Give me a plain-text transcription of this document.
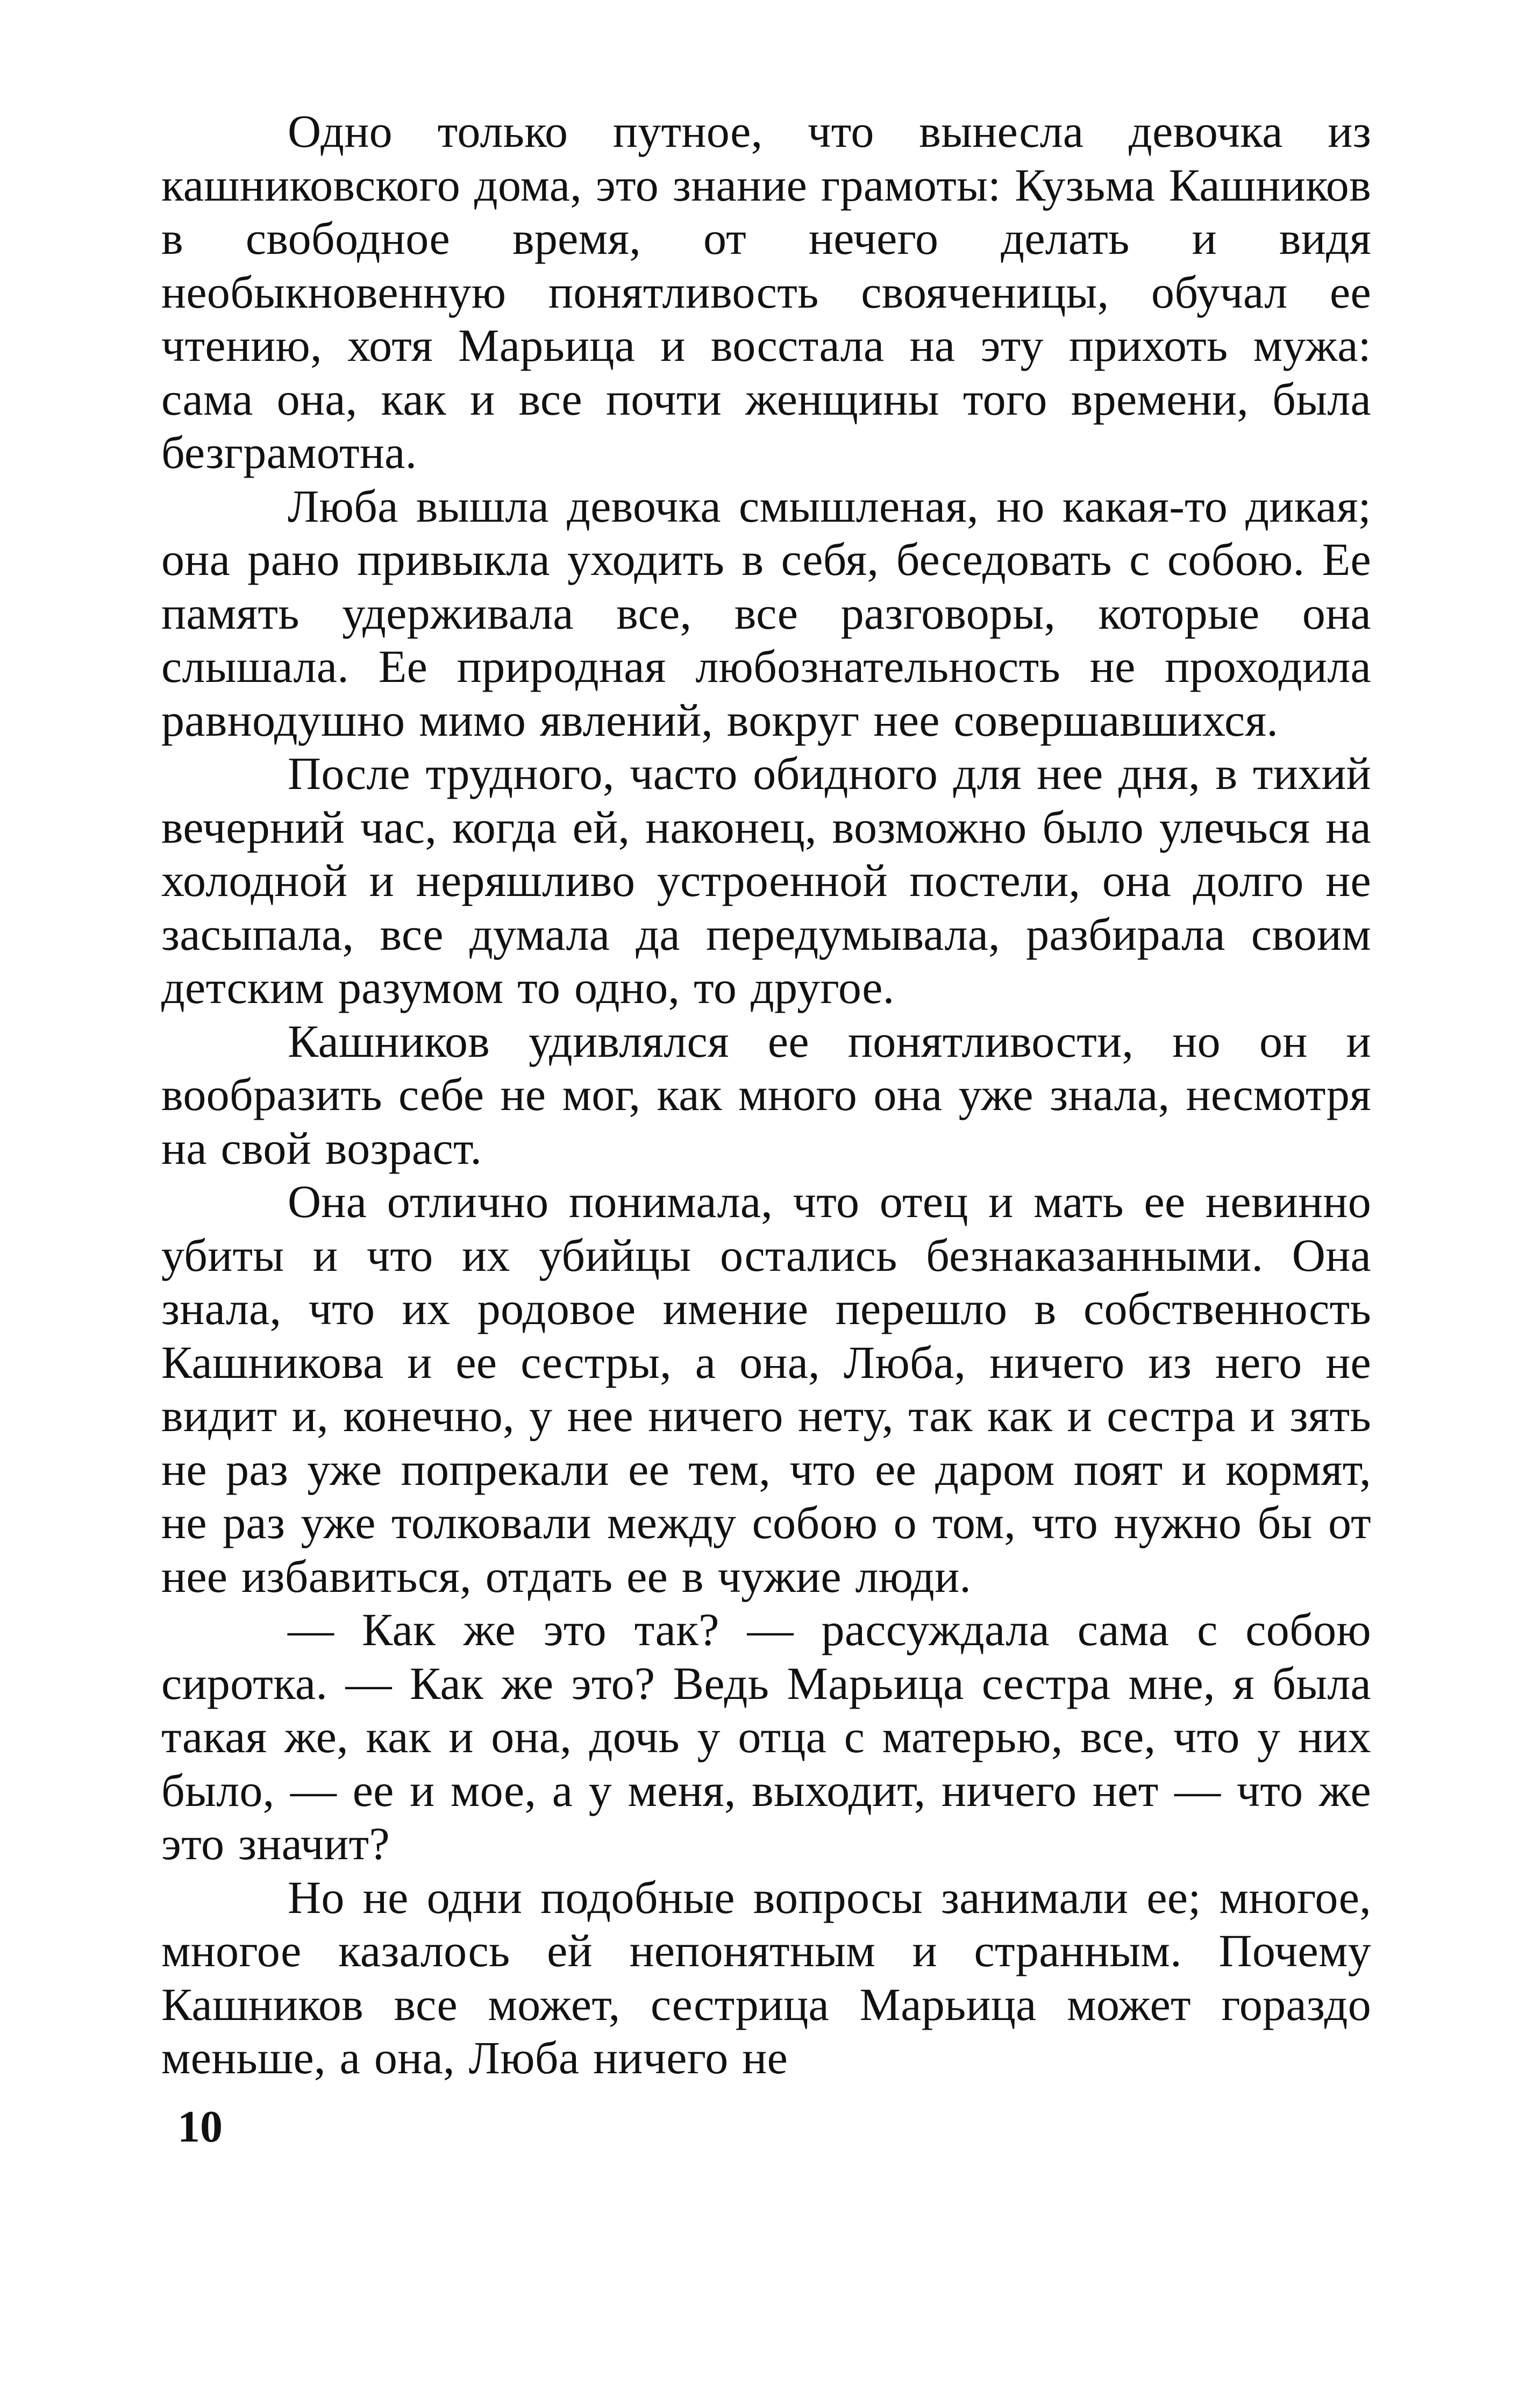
Одно только путное, что вынесла девочка из кашниковского дома, это знание грамоты: Кузьма Кашников в свободное время, от нечего делать и видя необыкновенную понятливость свояченицы, обучал ее чтению, хотя Марьица и восстала на эту прихоть мужа: сама она, как и все почти женщины того времени, была безграмотна.

Люба вышла девочка смышленая, но какая-то дикая; она рано привыкла уходить в себя, беседовать с собою. Ее память удерживала все, все разговоры, которые она слышала. Ее природная любознательность не проходила равнодушно мимо явлений, вокруг нее совершавшихся.

После трудного, часто обидного для нее дня, в тихий вечерний час, когда ей, наконец, возможно было улечься на холодной и неряшливо устроенной постели, она долго не засыпала, все думала да передумывала, разбирала своим детским разумом то одно, то другое.

Кашников удивлялся ее понятливости, но он и вообразить себе не мог, как много она уже знала, несмотря на свой возраст.

Она отлично понимала, что отец и мать ее невинно убиты и что их убийцы остались безнаказанными. Она знала, что их родовое имение перешло в собственность Кашникова и ее сестры, а она, Люба, ничего из него не видит и, конечно, у нее ничего нету, так как и сестра и зять не раз уже попрекали ее тем, что ее даром поят и кормят, не раз уже толковали между собою о том, что нужно бы от нее избавиться, отдать ее в чужие люди.

— Как же это так? — рассуждала сама с собою сиротка. — Как же это? Ведь Марьица сестра мне, я была такая же, как и она, дочь у отца с матерью, все, что у них было, — ее и мое, а у меня, выходит, ничего нет — что же это значит?

Но не одни подобные вопросы занимали ее; многое, многое казалось ей непонятным и странным. Почему Кашников все может, сестрица Марьица может гораздо меньше, а она, Люба ничего не

10
